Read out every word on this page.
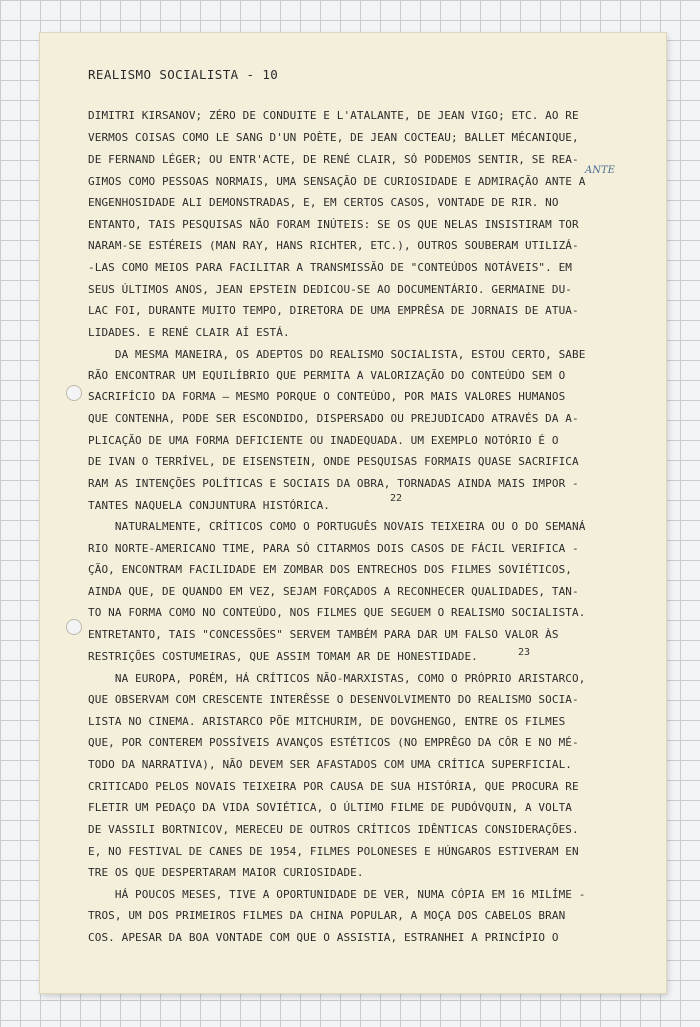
REALISMO SOCIALISTA - 10
DIMITRI KIRSANOV; ZÉRO DE CONDUITE E L'ATALANTE, DE JEAN VIGO; ETC. AO RE
VERMOS COISAS COMO LE SANG D'UN POÈTE, DE JEAN COCTEAU; BALLET MÉCANIQUE,
DE FERNAND LÉGER; OU ENTR'ACTE, DE RENÉ CLAIR, SÓ PODEMOS SENTIR, SE REA-
GIMOS COMO PESSOAS NORMAIS, UMA SENSAÇÃO DE CURIOSIDADE E ADMIRAÇÃO ANTE A
ENGENHOSIDADE ALI DEMONSTRADAS, E, EM CERTOS CASOS, VONTADE DE RIR. NO
ENTANTO, TAIS PESQUISAS NÃO FORAM INÚTEIS: SE OS QUE NELAS INSISTIRAM TOR
NARAM-SE ESTÉREIS (MAN RAY, HANS RICHTER, ETC.), OUTROS SOUBERAM UTILIZÁ-
-LAS COMO MEIOS PARA FACILITAR A TRANSMISSÃO DE "CONTEÚDOS NOTÁVEIS". EM
SEUS ÚLTIMOS ANOS, JEAN EPSTEIN DEDICOU-SE AO DOCUMENTÁRIO. GERMAINE DU-
LAC FOI, DURANTE MUITO TEMPO, DIRETORA DE UMA EMPRÊSA DE JORNAIS DE ATUA-
LIDADES. E RENÉ CLAIR AÍ ESTÁ.
DA MESMA MANEIRA, OS ADEPTOS DO REALISMO SOCIALISTA, ESTOU CERTO, SABE
RÃO ENCONTRAR UM EQUILÍBRIO QUE PERMITA A VALORIZAÇÃO DO CONTEÚDO SEM O
SACRIFÍCIO DA FORMA — MESMO PORQUE O CONTEÚDO, POR MAIS VALORES HUMANOS
QUE CONTENHA, PODE SER ESCONDIDO, DISPERSADO OU PREJUDICADO ATRAVÉS DA A-
PLICAÇÃO DE UMA FORMA DEFICIENTE OU INADEQUADA. UM EXEMPLO NOTÓRIO É O
DE IVAN O TERRÍVEL, DE EISENSTEIN, ONDE PESQUISAS FORMAIS QUASE SACRIFICA
RAM AS INTENÇÕES POLÍTICAS E SOCIAIS DA OBRA, TORNADAS AINDA MAIS IMPOR -
TANTES NAQUELA CONJUNTURA HISTÓRICA.
NATURALMENTE, CRÍTICOS COMO O PORTUGUÊS NOVAIS TEIXEIRA OU O DO SEMANÁ
RIO NORTE-AMERICANO TIME, PARA SÓ CITARMOS DOIS CASOS DE FÁCIL VERIFICA -
ÇÃO, ENCONTRAM FACILIDADE EM ZOMBAR DOS ENTRECHOS DOS FILMES SOVIÉTICOS,
AINDA QUE, DE QUANDO EM VEZ, SEJAM FORÇADOS A RECONHECER QUALIDADES, TAN-
TO NA FORMA COMO NO CONTEÚDO, NOS FILMES QUE SEGUEM O REALISMO SOCIALISTA.
ENTRETANTO, TAIS "CONCESSÕES" SERVEM TAMBÉM PARA DAR UM FALSO VALOR ÀS
RESTRIÇÕES COSTUMEIRAS, QUE ASSIM TOMAM AR DE HONESTIDADE.
NA EUROPA, PORÉM, HÁ CRÍTICOS NÃO-MARXISTAS, COMO O PRÓPRIO ARISTARCO,
QUE OBSERVAM COM CRESCENTE INTERÊSSE O DESENVOLVIMENTO DO REALISMO SOCIA-
LISTA NO CINEMA. ARISTARCO PÕE MITCHURIM, DE DOVGHENGO, ENTRE OS FILMES
QUE, POR CONTEREM POSSÍVEIS AVANÇOS ESTÉTICOS (NO EMPRÊGO DA CÔR E NO MÉ-
TODO DA NARRATIVA), NÃO DEVEM SER AFASTADOS COM UMA CRÍTICA SUPERFICIAL.
CRITICADO PELOS NOVAIS TEIXEIRA POR CAUSA DE SUA HISTÓRIA, QUE PROCURA RE
FLETIR UM PEDAÇO DA VIDA SOVIÉTICA, O ÚLTIMO FILME DE PUDÓVQUIN, A VOLTA
DE VASSILI BORTNICOV, MERECEU DE OUTROS CRÍTICOS IDÊNTICAS CONSIDERAÇÕES.
E, NO FESTIVAL DE CANES DE 1954, FILMES POLONESES E HÚNGAROS ESTIVERAM EN
TRE OS QUE DESPERTARAM MAIOR CURIOSIDADE.
HÁ POUCOS MESES, TIVE A OPORTUNIDADE DE VER, NUMA CÓPIA EM 16 MILÍME -
TROS, UM DOS PRIMEIROS FILMES DA CHINA POPULAR, A MOÇA DOS CABELOS BRAN
COS. APESAR DA BOA VONTADE COM QUE O ASSISTIA, ESTRANHEI A PRINCÍPIO O
22
23
ANTE
